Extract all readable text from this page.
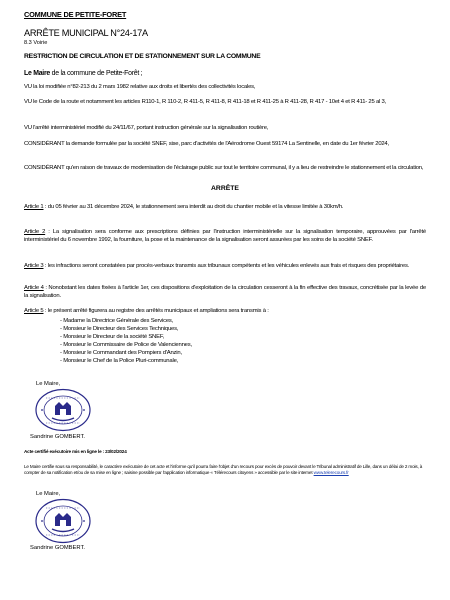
COMMUNE DE PETITE-FORET
ARRÊTE MUNICIPAL N°24-17A
8.3 Voirie
RESTRICTION DE CIRCULATION ET DE STATIONNEMENT SUR LA COMMUNE
Le Maire de la commune de Petite-Forêt ;

VU la loi modifiée n°82-213 du 2 mars 1982 relative aux droits et libertés des collectivités locales,

VU le Code de la route et notamment les articles R110-1, R 110-2, R 411-5, R 411-8, R 411-18 et R 411-25 à R 411-28, R 417 - 10et 4 et R 411- 25 al 3,

VU l'arrêté interministériel modifié du 24/11/67, portant instruction générale sur la signalisation routière,

CONSIDÉRANT la demande formulée par la société SNEF, sise, parc d'activités de l'Aérodrome Ouest 59174 La Sentinelle, en date du 1er février 2024,

CONSIDÉRANT qu'en raison de travaux de modernisation de l'éclairage public sur tout le territoire communal, il y a lieu de restreindre le stationnement et la circulation,

ARRÊTE

Article 1 : du 05 février au 31 décembre 2024, le stationnement sera interdit au droit du chantier mobile et la vitesse limitée à 30km/h.

Article 2 : La signalisation sera conforme aux prescriptions définies par l'instruction interministérielle sur la signalisation temporaire, approuvées par l'arrêté interministériel du 6 novembre 1992, la fourniture, la pose et la maintenance de la signalisation seront assurées par les soins de la société SNEF.

Article 3 : les infractions seront constatées par procès-verbaux transmis aux tribunaux compétents et les véhicules enlevés aux frais et risques des propriétaires.

Article 4 : Nonobstant les dates fixées à l'article 1er, ces dispositions d'exploitation de la circulation cesseront à la fin effective des travaux, concrétisée par la levée de la signalisation.

Article 5 : le présent arrêté figurera au registre des arrêtés municipaux et ampliations sera transmis à :

- Madame la Directrice Générale des Services,
- Monsieur le Directeur des Services Techniques,
- Monsieur le Directeur de la société SNEF,
- Monsieur le Commissaire de Police de Valenciennes,
- Monsieur le Commandant des Pompiers d'Anzin,
- Monsieur le Chef de la Police Pluri-communale,
Le Maire,
Sandrine GOMBERT.
Acte certifié exécutoire mis en ligne le : 23/02/2024

Le Maire certifie sous sa responsabilité, le caractère exécutoire de cet acte et l'informe qu'il pourra faire l'objet d'un recours pour excès de pouvoir devant le Tribunal administratif de Lille, dans un délai de 2 mois, à compter de sa notification et/ou de sa mise en ligne ; saisine possible par l'application informatique « Télérecours citoyens » accessible par le site internet www.telerecours.fr

Le Maire,
Sandrine GOMBERT.
